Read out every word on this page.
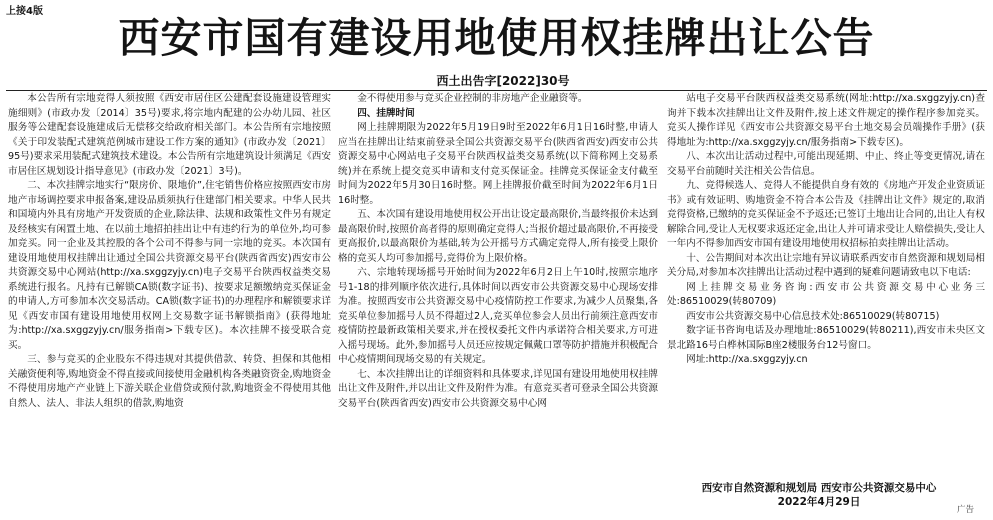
上接4版
西安市国有建设用地使用权挂牌出让公告
西土出告字[2022]30号

本公告所有宗地竞得人须按照《西安市居住区公建配套设施建设管理实施细则》(市政办发〔2014〕35号)要求,将宗地内配建的公办幼儿园、社区服务等公建配套设施建成后无偿移交给政府相关部门。本公告所有宗地按照《关于印发装配式建筑范例城市建设工作方案的通知》(市政办发〔2021〕95号)要求采用装配式建筑技术建设。本公告所有宗地建筑设计须满足《西安市居住区规划设计指导意见》(市政办发〔2021〕3号)。

二、本次挂牌宗地实行“限房价、限地价”,住宅销售价格应按照西安市房地产市场调控要求申报备案,建设品质须执行住建部门相关要求。中华人民共和国境内外具有房地产开发资质的企业,除法律、法规和政策性文件另有规定及经核实有闲置土地、在以前土地招拍挂出让中有违约行为的单位外,均可参加竞买。同一企业及其控股的各个公司不得参与同一宗地的竞买。本次国有建设用地使用权挂牌出让通过全国公共资源交易平台(陕西省西安)西安市公共资源交易中心网站(http://xa.sxggzyjy.cn)电子交易平台陕西权益类交易系统进行报名。凡持有已解锁CA锁(数字证书)、按要求足额缴纳竞买保证金的申请人,方可参加本次交易活动。CA锁(数字证书)的办理程序和解锁要求详见《西安市国有建设用地使用权网上交易数字证书解锁指南》(获得地址为:http://xa.sxggzyjy.cn/服务指南>下载专区)。本次挂牌不接受联合竞买。

三、参与竞买的企业股东不得违规对其提供借款、转贷、担保和其他相关融资便利等,购地资金不得直接或间接使用金融机构各类融资资金,购地资金不得使用房地产产业链上下游关联企业借贷或预付款,购地资金不得使用其他自然人、法人、非法人组织的借款,购地资

金不得使用参与竞买企业控制的非房地产企业融资等。

四、挂牌时间

网上挂牌期限为2022年5月19日9时至2022年6月1日16时整,申请人应当在挂牌出让结束前登录全国公共资源交易平台(陕西省西安)西安市公共资源交易中心网站电子交易平台陕西权益类交易系统(以下简称网上交易系统)并在系统上提交竞买申请和支付竞买保证金。挂牌竞买保证金支付截至时间为2022年5月30日16时整。网上挂牌报价截至时间为2022年6月1日16时整。

五、本次国有建设用地使用权公开出让设定最高限价,当最终报价未达到最高限价时,按照价高者得的原则确定竞得人;当报价超过最高限价,不再接受更高报价,以最高限价为基础,转为公开摇号方式确定竞得人,所有接受上限价格的竞买人均可参加摇号,竞得价为上限价格。

六、宗地转现场摇号开始时间为2022年6月2日上午10时,按照宗地序号1-18的排列顺序依次进行,具体时间以西安市公共资源交易中心现场安排为准。按照西安市公共资源交易中心疫情防控工作要求,为减少人员聚集,各竞买单位参加摇号人员不得超过2人,竞买单位参会人员出行前须注意西安市疫情防控最新政策相关要求,并在授权委托文件内承诺符合相关要求,方可进入摇号现场。此外,参加摇号人员还应按规定佩戴口罩等防护措施并积极配合中心疫情期间现场交易的有关规定。

七、本次挂牌出让的详细资料和具体要求,详见国有建设用地使用权挂牌出让文件及附件,并以出让文件及附件为准。有意竞买者可登录全国公共资源交易平台(陕西省西安)西安市公共资源交易中心网

站电子交易平台陕西权益类交易系统(网址:http://xa.sxggzyjy.cn)查询并下载本次挂牌出让文件及附件,按上述文件规定的操作程序参加竞买。竞买人操作详见《西安市公共资源交易平台土地交易会员端操作手册》(获得地址为:http://xa.sxggzyjy.cn/服务指南>下载专区)。

八、本次出让活动过程中,可能出现延期、中止、终止等变更情况,请在交易平台前随时关注相关公告信息。

九、竞得候选人、竞得人不能提供自身有效的《房地产开发企业资质证书》或有效证明、购地资金不符合本公告及《挂牌出让文件》规定的,取消竞得资格,已缴纳的竞买保证金不予返还;已签订土地出让合同的,出让人有权解除合同,受让人无权要求返还定金,出让人并可请求受让人赔偿损失,受让人一年内不得参加西安市国有建设用地使用权招标拍卖挂牌出让活动。

十、公告期间对本次出让宗地有异议请联系西安市自然资源和规划局相关分局,对参加本次挂牌出让活动过程中遇到的疑难问题请致电以下电话:

网上挂牌交易业务咨询:西安市公共资源交易中心业务三处:86510029(转80709)

西安市公共资源交易中心信息技术处:86510029(转80715)

数字证书咨询电话及办理地址:86510029(转80211),西安市未央区文景北路16号白桦林国际B座2楼服务台12号窗口。

网址:http://xa.sxggzyjy.cn

西安市自然资源和规划局 西安市公共资源交易中心
2022年4月29日
广告
